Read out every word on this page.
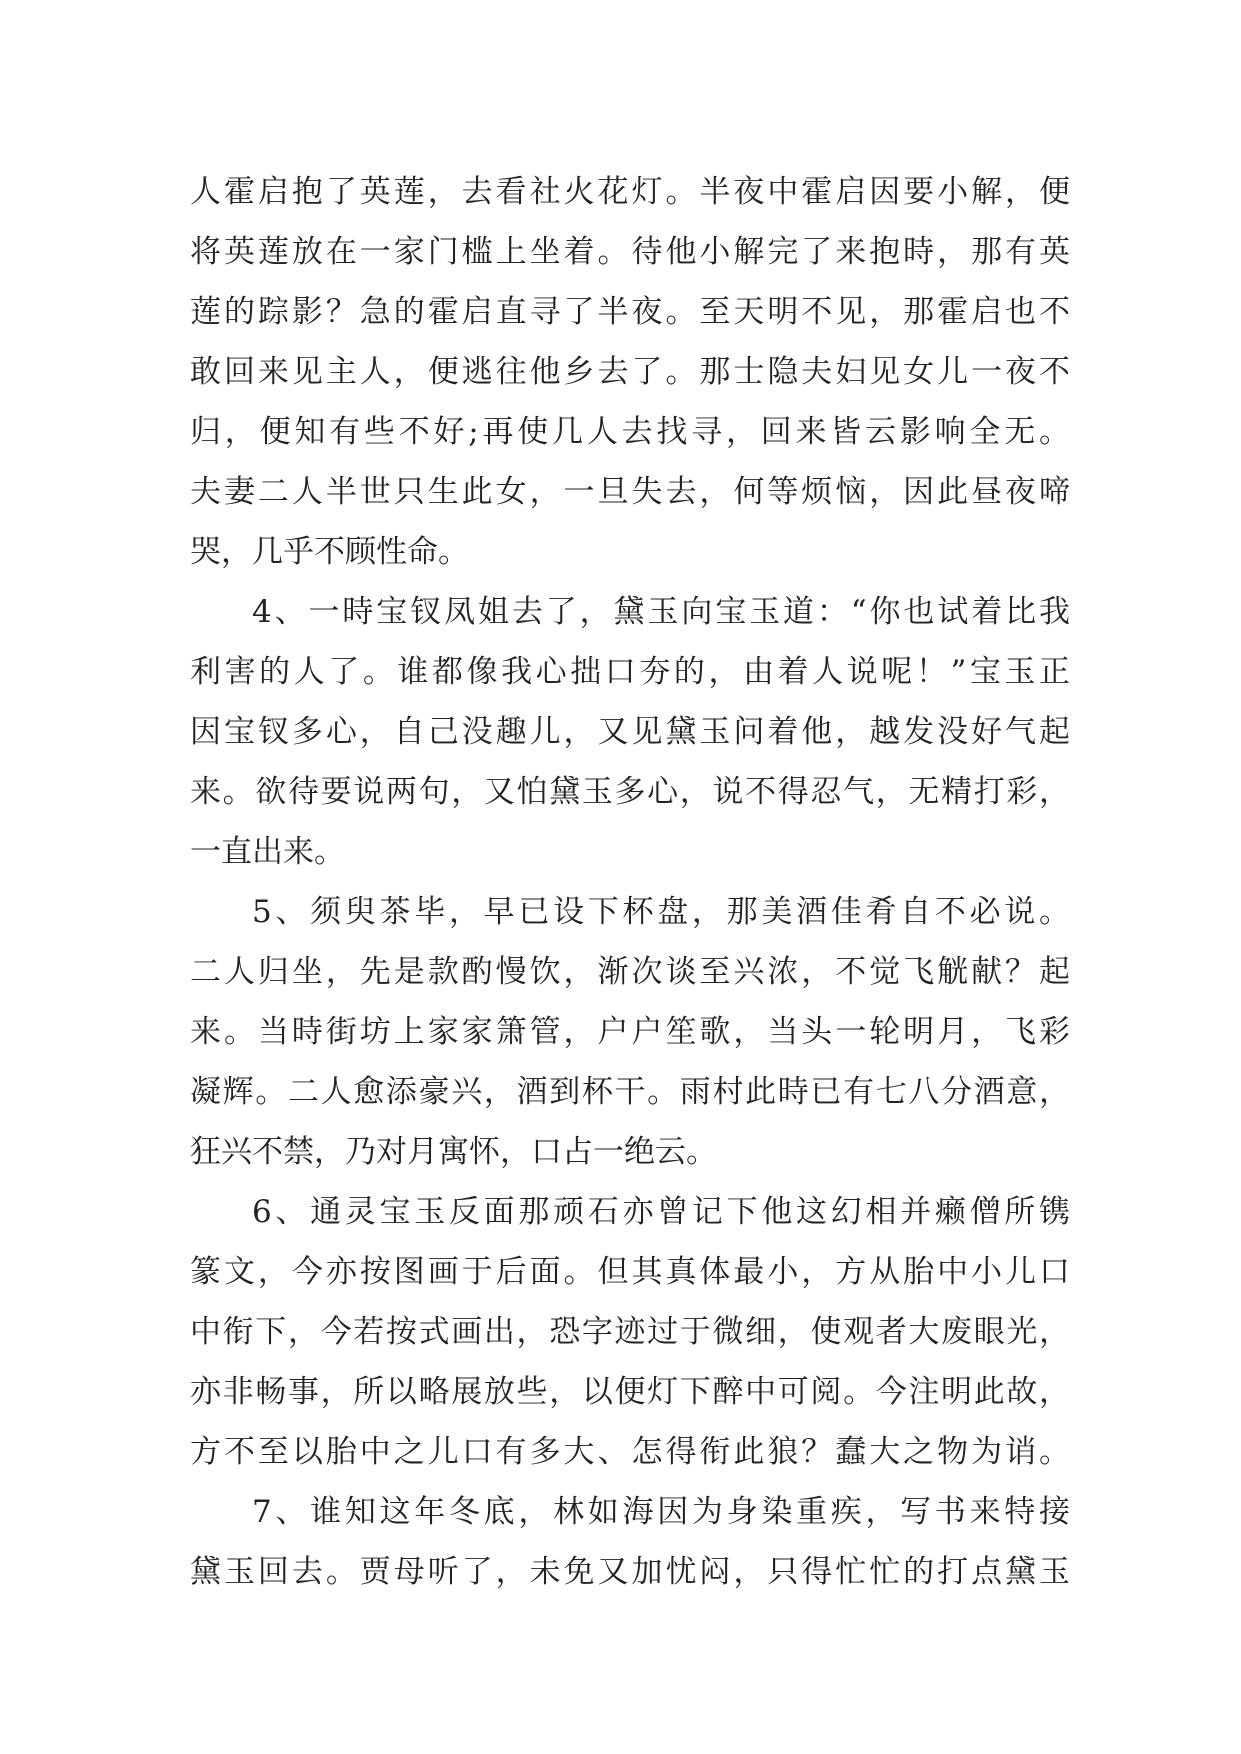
人霍启抱了英莲，去看社火花灯。半夜中霍启因要小解，便
将英莲放在一家门槛上坐着。待他小解完了来抱時，那有英
莲的踪影？急的霍启直寻了半夜。至天明不见，那霍启也不
敢回来见主人，便逃往他乡去了。那士隐夫妇见女儿一夜不
归，便知有些不好;再使几人去找寻，回来皆云影响全无。
夫妻二人半世只生此女，一旦失去，何等烦恼，因此昼夜啼
哭，几乎不顾性命。
4、一時宝钗凤姐去了，黛玉向宝玉道：“你也试着比我
利害的人了。谁都像我心拙口夯的，由着人说呢！”宝玉正
因宝钗多心，自己没趣儿，又见黛玉问着他，越发没好气起
来。欲待要说两句，又怕黛玉多心，说不得忍气，无精打彩，
一直出来。
5、须臾茶毕，早已设下杯盘，那美酒佳肴自不必说。
二人归坐，先是款酌慢饮，渐次谈至兴浓，不觉飞觥献？起
来。当時街坊上家家箫管，户户笙歌，当头一轮明月，飞彩
凝辉。二人愈添豪兴，酒到杯干。雨村此時已有七八分酒意，
狂兴不禁，乃对月寓怀，口占一绝云。
6、通灵宝玉反面那顽石亦曾记下他这幻相并癞僧所镌
篆文，今亦按图画于后面。但其真体最小，方从胎中小儿口
中衔下，今若按式画出，恐字迹过于微细，使观者大废眼光，
亦非畅事，所以略展放些，以便灯下醉中可阅。今注明此故，
方不至以胎中之儿口有多大、怎得衔此狼？蠢大之物为诮。
7、谁知这年冬底，林如海因为身染重疾，写书来特接
黛玉回去。贾母听了，未免又加忧闷，只得忙忙的打点黛玉
